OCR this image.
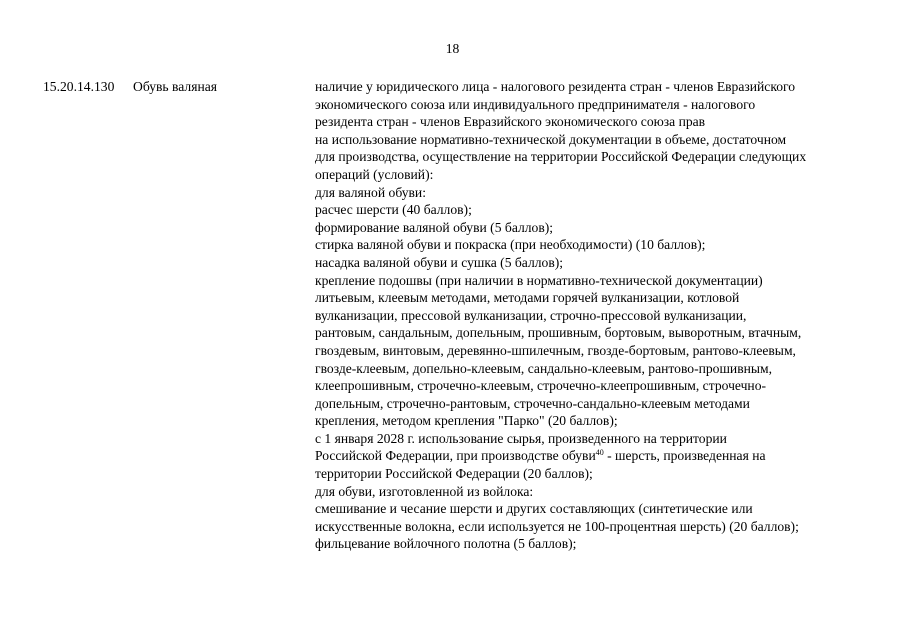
18
15.20.14.130 Обувь валяная	наличие у юридического лица - налогового резидента стран - членов Евразийского
экономического союза или индивидуального предпринимателя - налогового
резидента стран - членов Евразийского экономического союза прав
на использование нормативно-технической документации в объеме, достаточном
для производства, осуществление на территории Российской Федерации следующих
операций (условий):
для валяной обуви:
расчес шерсти (40 баллов);
формирование валяной обуви (5 баллов);
стирка валяной обуви и покраска (при необходимости) (10 баллов);
насадка валяной обуви и сушка (5 баллов);
крепление подошвы (при наличии в нормативно-технической документации)
литьевым, клеевым методами, методами горячей вулканизации, котловой
вулканизации, прессовой вулканизации, строчно-прессовой вулканизации,
рантовым, сандальным, допельным, прошивным, бортовым, выворотным, втачным,
гвоздевым, винтовым, деревянно-шпилечным, гвоздe-бортовым, рантово-клеевым,
гвоздe-клеевым, допельно-клеевым, сандально-клеевым, рантово-прошивным,
клеепрошивным, строчечно-клеевым, строчечно-клеепрошивным, строчечно-
допельным, строчечно-рантовым, строчечно-сандально-клеевым методами
крепления, методом крепления "Парко" (20 баллов);
с 1 января 2028 г. использование сырья, произведенного на территории
Российской Федерации, при производстве обуви$^{40}$ - шерсть, произведенная на
территории Российской Федерации (20 баллов);
для обуви, изготовленной из войлока:
смешивание и чесание шерсти и других составляющих (синтетические или
искусственные волокна, если используется не 100-процентная шерсть) (20 баллов);
фильцевание войлочного полотна (5 баллов);
